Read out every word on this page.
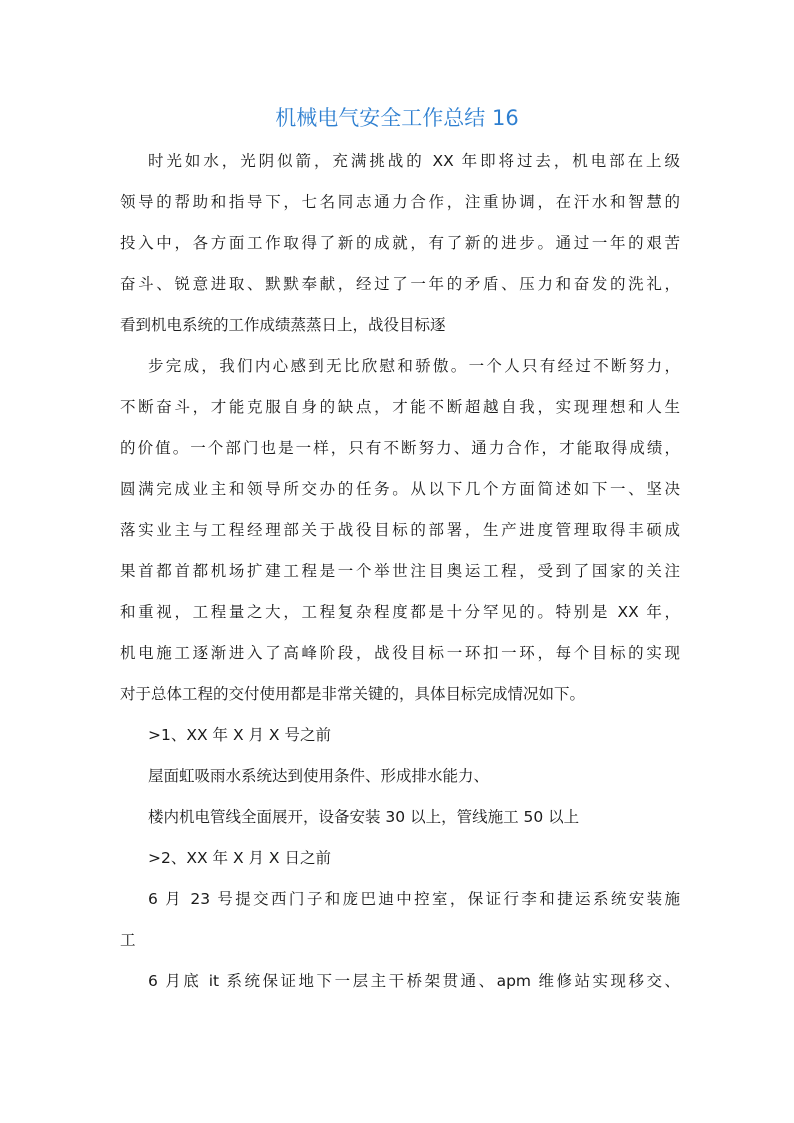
机械电气安全工作总结 16
时光如水，光阴似箭，充满挑战的 XX 年即将过去，机电部在上级
领导的帮助和指导下，七名同志通力合作，注重协调，在汗水和智慧的
投入中，各方面工作取得了新的成就，有了新的进步。通过一年的艰苦
奋斗、锐意进取、默默奉献，经过了一年的矛盾、压力和奋发的洗礼，
看到机电系统的工作成绩蒸蒸日上，战役目标逐
步完成，我们内心感到无比欣慰和骄傲。一个人只有经过不断努力，
不断奋斗，才能克服自身的缺点，才能不断超越自我，实现理想和人生
的价值。一个部门也是一样，只有不断努力、通力合作，才能取得成绩，
圆满完成业主和领导所交办的任务。从以下几个方面简述如下一、坚决
落实业主与工程经理部关于战役目标的部署，生产进度管理取得丰硕成
果首都首都机场扩建工程是一个举世注目奥运工程，受到了国家的关注
和重视，工程量之大，工程复杂程度都是十分罕见的。特别是 XX 年，
机电施工逐渐进入了高峰阶段，战役目标一环扣一环，每个目标的实现
对于总体工程的交付使用都是非常关键的，具体目标完成情况如下。
>1、XX 年 X 月 X 号之前
屋面虹吸雨水系统达到使用条件、形成排水能力、
楼内机电管线全面展开，设备安装 30 以上，管线施工 50 以上
>2、XX 年 X 月 X 日之前
6 月 23 号提交西门子和庞巴迪中控室，保证行李和捷运系统安装施
工
6 月底 it 系统保证地下一层主干桥架贯通、apm 维修站实现移交、
